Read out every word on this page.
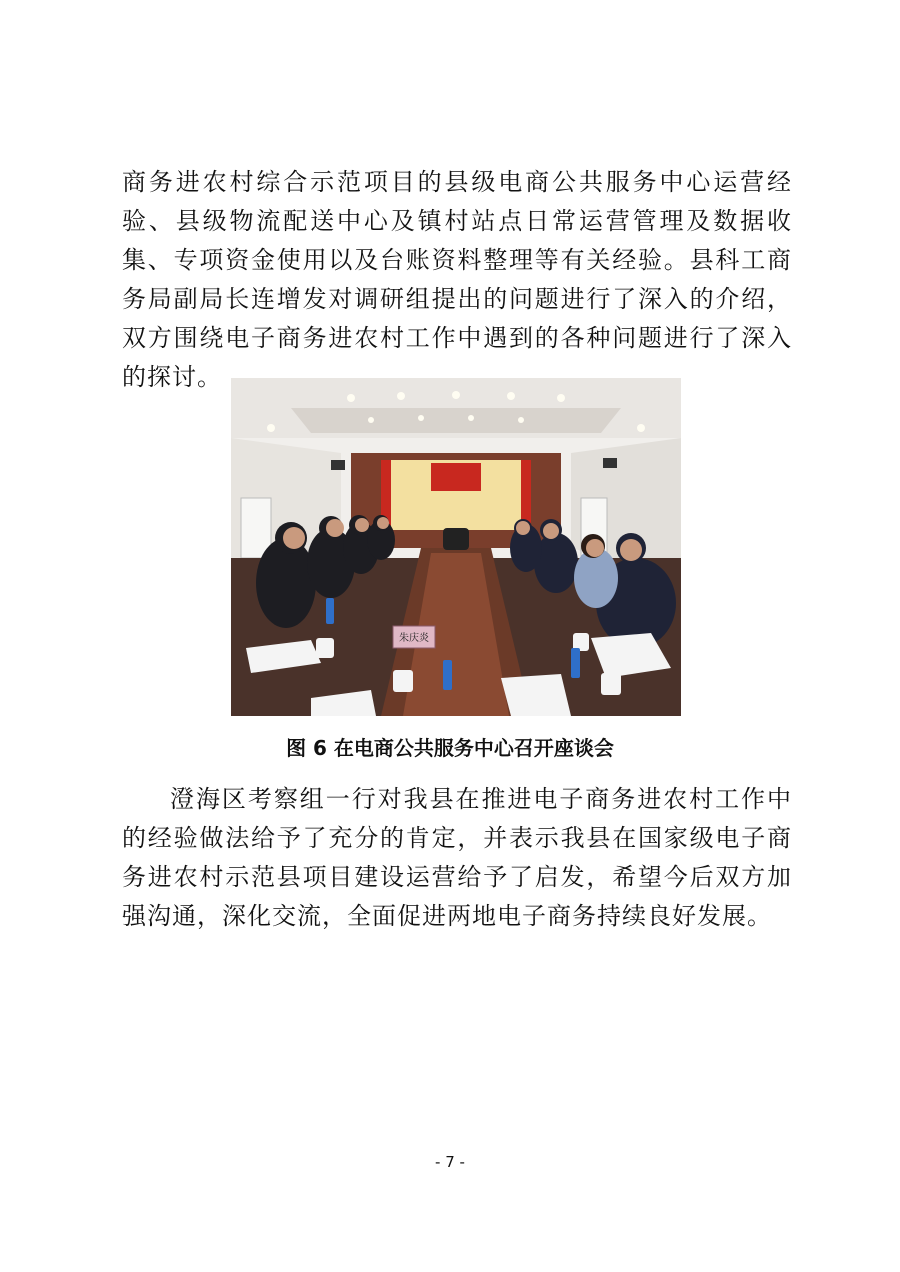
商务进农村综合示范项目的县级电商公共服务中心运营经验、县级物流配送中心及镇村站点日常运营管理及数据收集、专项资金使用以及台账资料整理等有关经验。县科工商务局副局长连增发对调研组提出的问题进行了深入的介绍，双方围绕电子商务进农村工作中遇到的各种问题进行了深入的探讨。

朱庆炎

图 6 在电商公共服务中心召开座谈会

澄海区考察组一行对我县在推进电子商务进农村工作中的经验做法给予了充分的肯定，并表示我县在国家级电子商务进农村示范县项目建设运营给予了启发，希望今后双方加强沟通，深化交流，全面促进两地电子商务持续良好发展。

- 7 -
